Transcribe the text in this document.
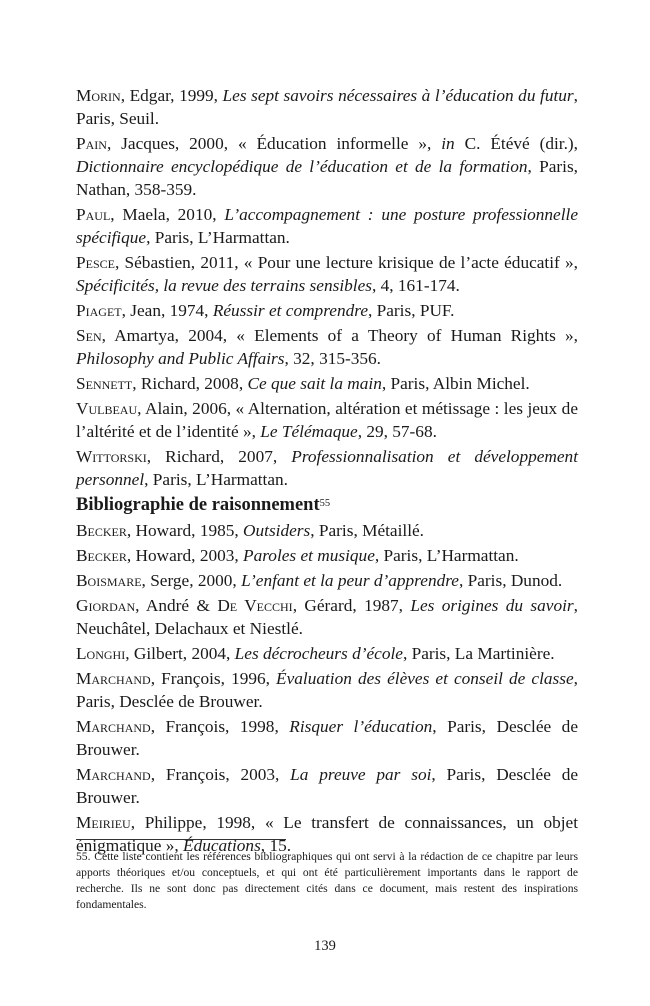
Morin, Edgar, 1999, Les sept savoirs nécessaires à l’éducation du futur, Paris, Seuil.

Pain, Jacques, 2000, « Éducation informelle », in C. Étévé (dir.), Dictionnaire encyclopédique de l’éducation et de la formation, Paris, Nathan, 358-359.

Paul, Maela, 2010, L’accompagnement : une posture professionnelle spécifique, Paris, L’Harmattan.

Pesce, Sébastien, 2011, « Pour une lecture krisique de l’acte éducatif », Spécificités, la revue des terrains sensibles, 4, 161-174.

Piaget, Jean, 1974, Réussir et comprendre, Paris, PUF.

Sen, Amartya, 2004, « Elements of a Theory of Human Rights », Philosophy and Public Affairs, 32, 315-356.

Sennett, Richard, 2008, Ce que sait la main, Paris, Albin Michel.

Vulbeau, Alain, 2006, « Alternation, altération et métissage : les jeux de l’altérité et de l’identité », Le Télémaque, 29, 57-68.

Wittorski, Richard, 2007, Professionnalisation et développement personnel, Paris, L’Harmattan.

Bibliographie de raisonnement$^{55}$

Becker, Howard, 1985, Outsiders, Paris, Métaillé.

Becker, Howard, 2003, Paroles et musique, Paris, L’Harmattan.

Boismare, Serge, 2000, L’enfant et la peur d’apprendre, Paris, Dunod.

Giordan, André & De Vecchi, Gérard, 1987, Les origines du savoir, Neuchâtel, Delachaux et Niestlé.

Longhi, Gilbert, 2004, Les décrocheurs d’école, Paris, La Martinière.

Marchand, François, 1996, Évaluation des élèves et conseil de classe, Paris, Desclée de Brouwer.

Marchand, François, 1998, Risquer l’éducation, Paris, Desclée de Brouwer.

Marchand, François, 2003, La preuve par soi, Paris, Desclée de Brouwer.

Meirieu, Philippe, 1998, « Le transfert de connaissances, un objet énigmatique », Éducations, 15.

55. Cette liste contient les références bibliographiques qui ont servi à la rédaction de ce chapitre par leurs apports théoriques et/ou conceptuels, et qui ont été particulièrement importants dans le rapport de recherche. Ils ne sont donc pas directement cités dans ce document, mais restent des inspirations fondamentales.

139
